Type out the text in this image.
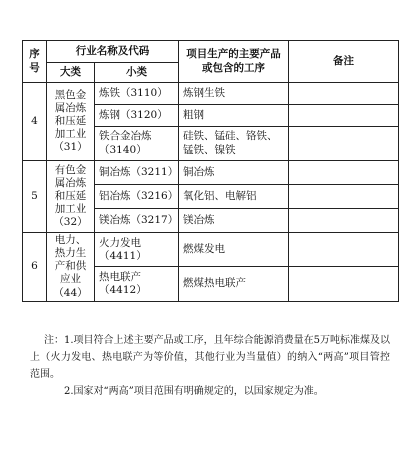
序号	行业名称及代码		项目生产的主要产品或包含的工序	备注
	大类	小类		
4	黑色金属冶炼和压延加工业（31）	炼铁（3110）	炼钢生铁	
		炼钢（3120）	粗钢	
		铁合金冶炼（3140）	硅铁、锰硅、铬铁、锰铁、镍铁	
5	有色金属冶炼和压延加工业（32）	铜冶炼（3211）	铜冶炼	
		铝冶炼（3216）	氧化铝、电解铝	
		镁冶炼（3217）	镁冶炼	
6	电力、热力生产和供应业（44）	火力发电（4411）	燃煤发电	
		热电联产（4412）	燃煤热电联产	

注：1.项目符合上述主要产品或工序，且年综合能源消费量在5万吨标准煤及以上（火力发电、热电联产为等价值，其他行业为当量值）的纳入“两高”项目管控范围。

2.国家对“两高”项目范围有明确规定的，以国家规定为准。
